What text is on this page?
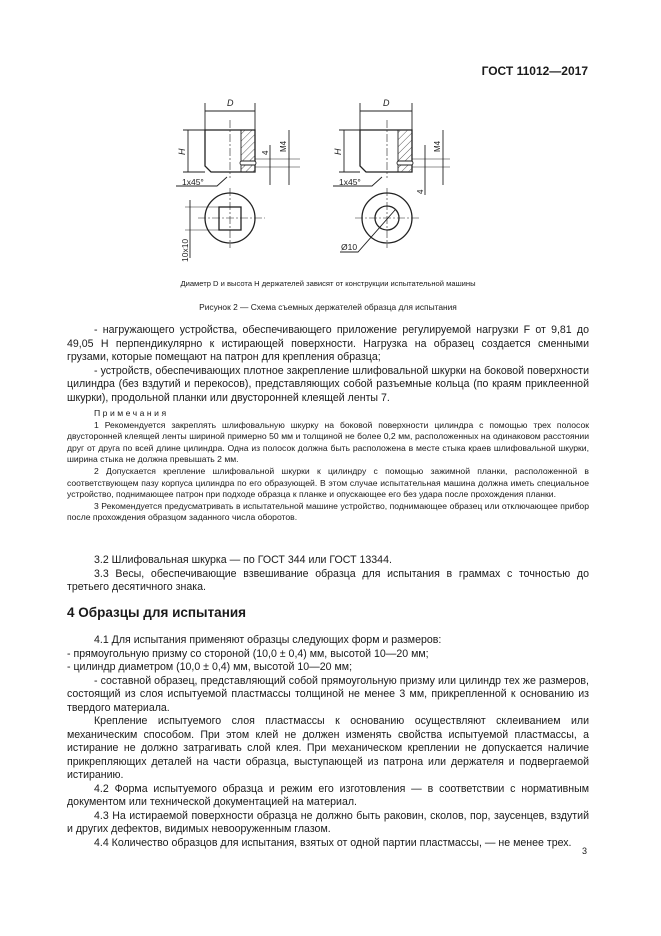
ГОСТ 11012—2017
D	D
H	H
M4	M4
4
4
1x45°	1x45°
10x10	Ø10
Диаметр D и высота H держателей зависят от конструкции испытательной машины
Рисунок 2 — Схема съемных держателей образца для испытания

- нагружающего устройства, обеспечивающего приложение регулируемой нагрузки F от 9,81 до 49,05 Н перпендикулярно к истирающей поверхности. Нагрузка на образец создается сменными грузами, которые помещают на патрон для крепления образца;

- устройств, обеспечивающих плотное закрепление шлифовальной шкурки на боковой поверхности цилиндра (без вздутий и перекосов), представляющих собой разъемные кольца (по краям приклеенной шкурки), продольной планки или двусторонней клеящей ленты 7.

Примечания

1 Рекомендуется закреплять шлифовальную шкурку на боковой поверхности цилиндра с помощью трех полосок двусторонней клеящей ленты шириной примерно 50 мм и толщиной не более 0,2 мм, расположенных на одинаковом расстоянии друг от друга по всей длине цилиндра. Одна из полосок должна быть расположена в месте стыка краев шлифовальной шкурки, ширина стыка не должна превышать 2 мм.

2 Допускается крепление шлифовальной шкурки к цилиндру с помощью зажимной планки, расположенной в соответствующем пазу корпуса цилиндра по его образующей. В этом случае испытательная машина должна иметь специальное устройство, поднимающее патрон при подходе образца к планке и опускающее его без удара после прохождения планки.

3 Рекомендуется предусматривать в испытательной машине устройство, поднимающее образец или отключающее прибор после прохождения образцом заданного числа оборотов.

3.2 Шлифовальная шкурка — по ГОСТ 344 или ГОСТ 13344.

3.3 Весы, обеспечивающие взвешивание образца для испытания в граммах с точностью до третьего десятичного знака.

4 Образцы для испытания

4.1 Для испытания применяют образцы следующих форм и размеров:

- прямоугольную призму со стороной (10,0 ± 0,4) мм, высотой 10—20 мм;

- цилиндр диаметром (10,0 ± 0,4) мм, высотой 10—20 мм;

- составной образец, представляющий собой прямоугольную призму или цилиндр тех же размеров, состоящий из слоя испытуемой пластмассы толщиной не менее 3 мм, прикрепленной к основанию из твердого материала.

Крепление испытуемого слоя пластмассы к основанию осуществляют склеиванием или механическим способом. При этом клей не должен изменять свойства испытуемой пластмассы, а истирание не должно затрагивать слой клея. При механическом креплении не допускается наличие прикрепляющих деталей на части образца, выступающей из патрона или держателя и подвергаемой истиранию.

4.2 Форма испытуемого образца и режим его изготовления — в соответствии с нормативным документом или технической документацией на материал.

4.3 На истираемой поверхности образца не должно быть раковин, сколов, пор, заусенцев, вздутий и других дефектов, видимых невооруженным глазом.

4.4 Количество образцов для испытания, взятых от одной партии пластмассы, — не менее трех.

3
